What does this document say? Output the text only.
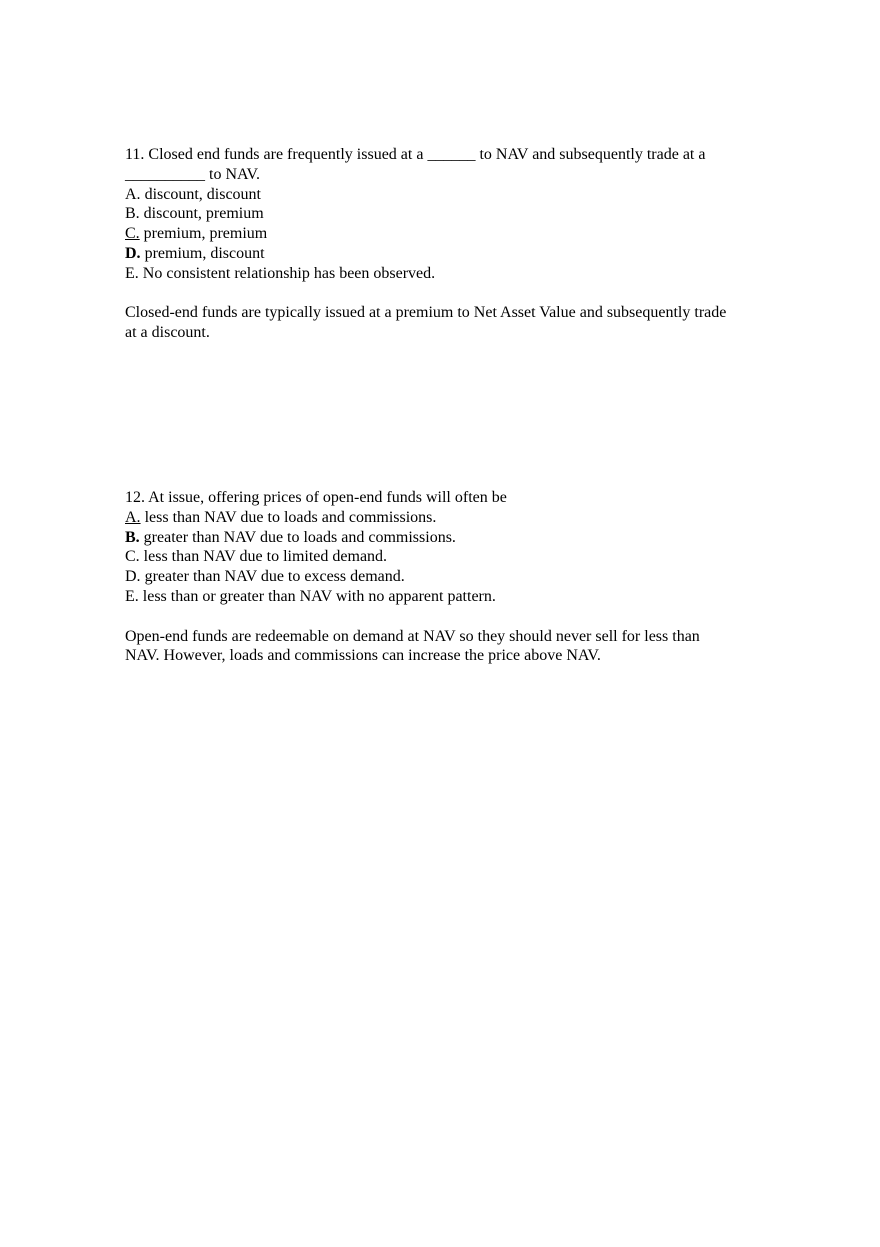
11. Closed end funds are frequently issued at a ______ to NAV and subsequently trade at a
__________ to NAV.
A. discount, discount
B. discount, premium
C. premium, premium
D. premium, discount
E. No consistent relationship has been observed.
Closed-end funds are typically issued at a premium to Net Asset Value and subsequently trade
at a discount.
12. At issue, offering prices of open-end funds will often be
A. less than NAV due to loads and commissions.
B. greater than NAV due to loads and commissions.
C. less than NAV due to limited demand.
D. greater than NAV due to excess demand.
E. less than or greater than NAV with no apparent pattern.
Open-end funds are redeemable on demand at NAV so they should never sell for less than
NAV. However, loads and commissions can increase the price above NAV.
